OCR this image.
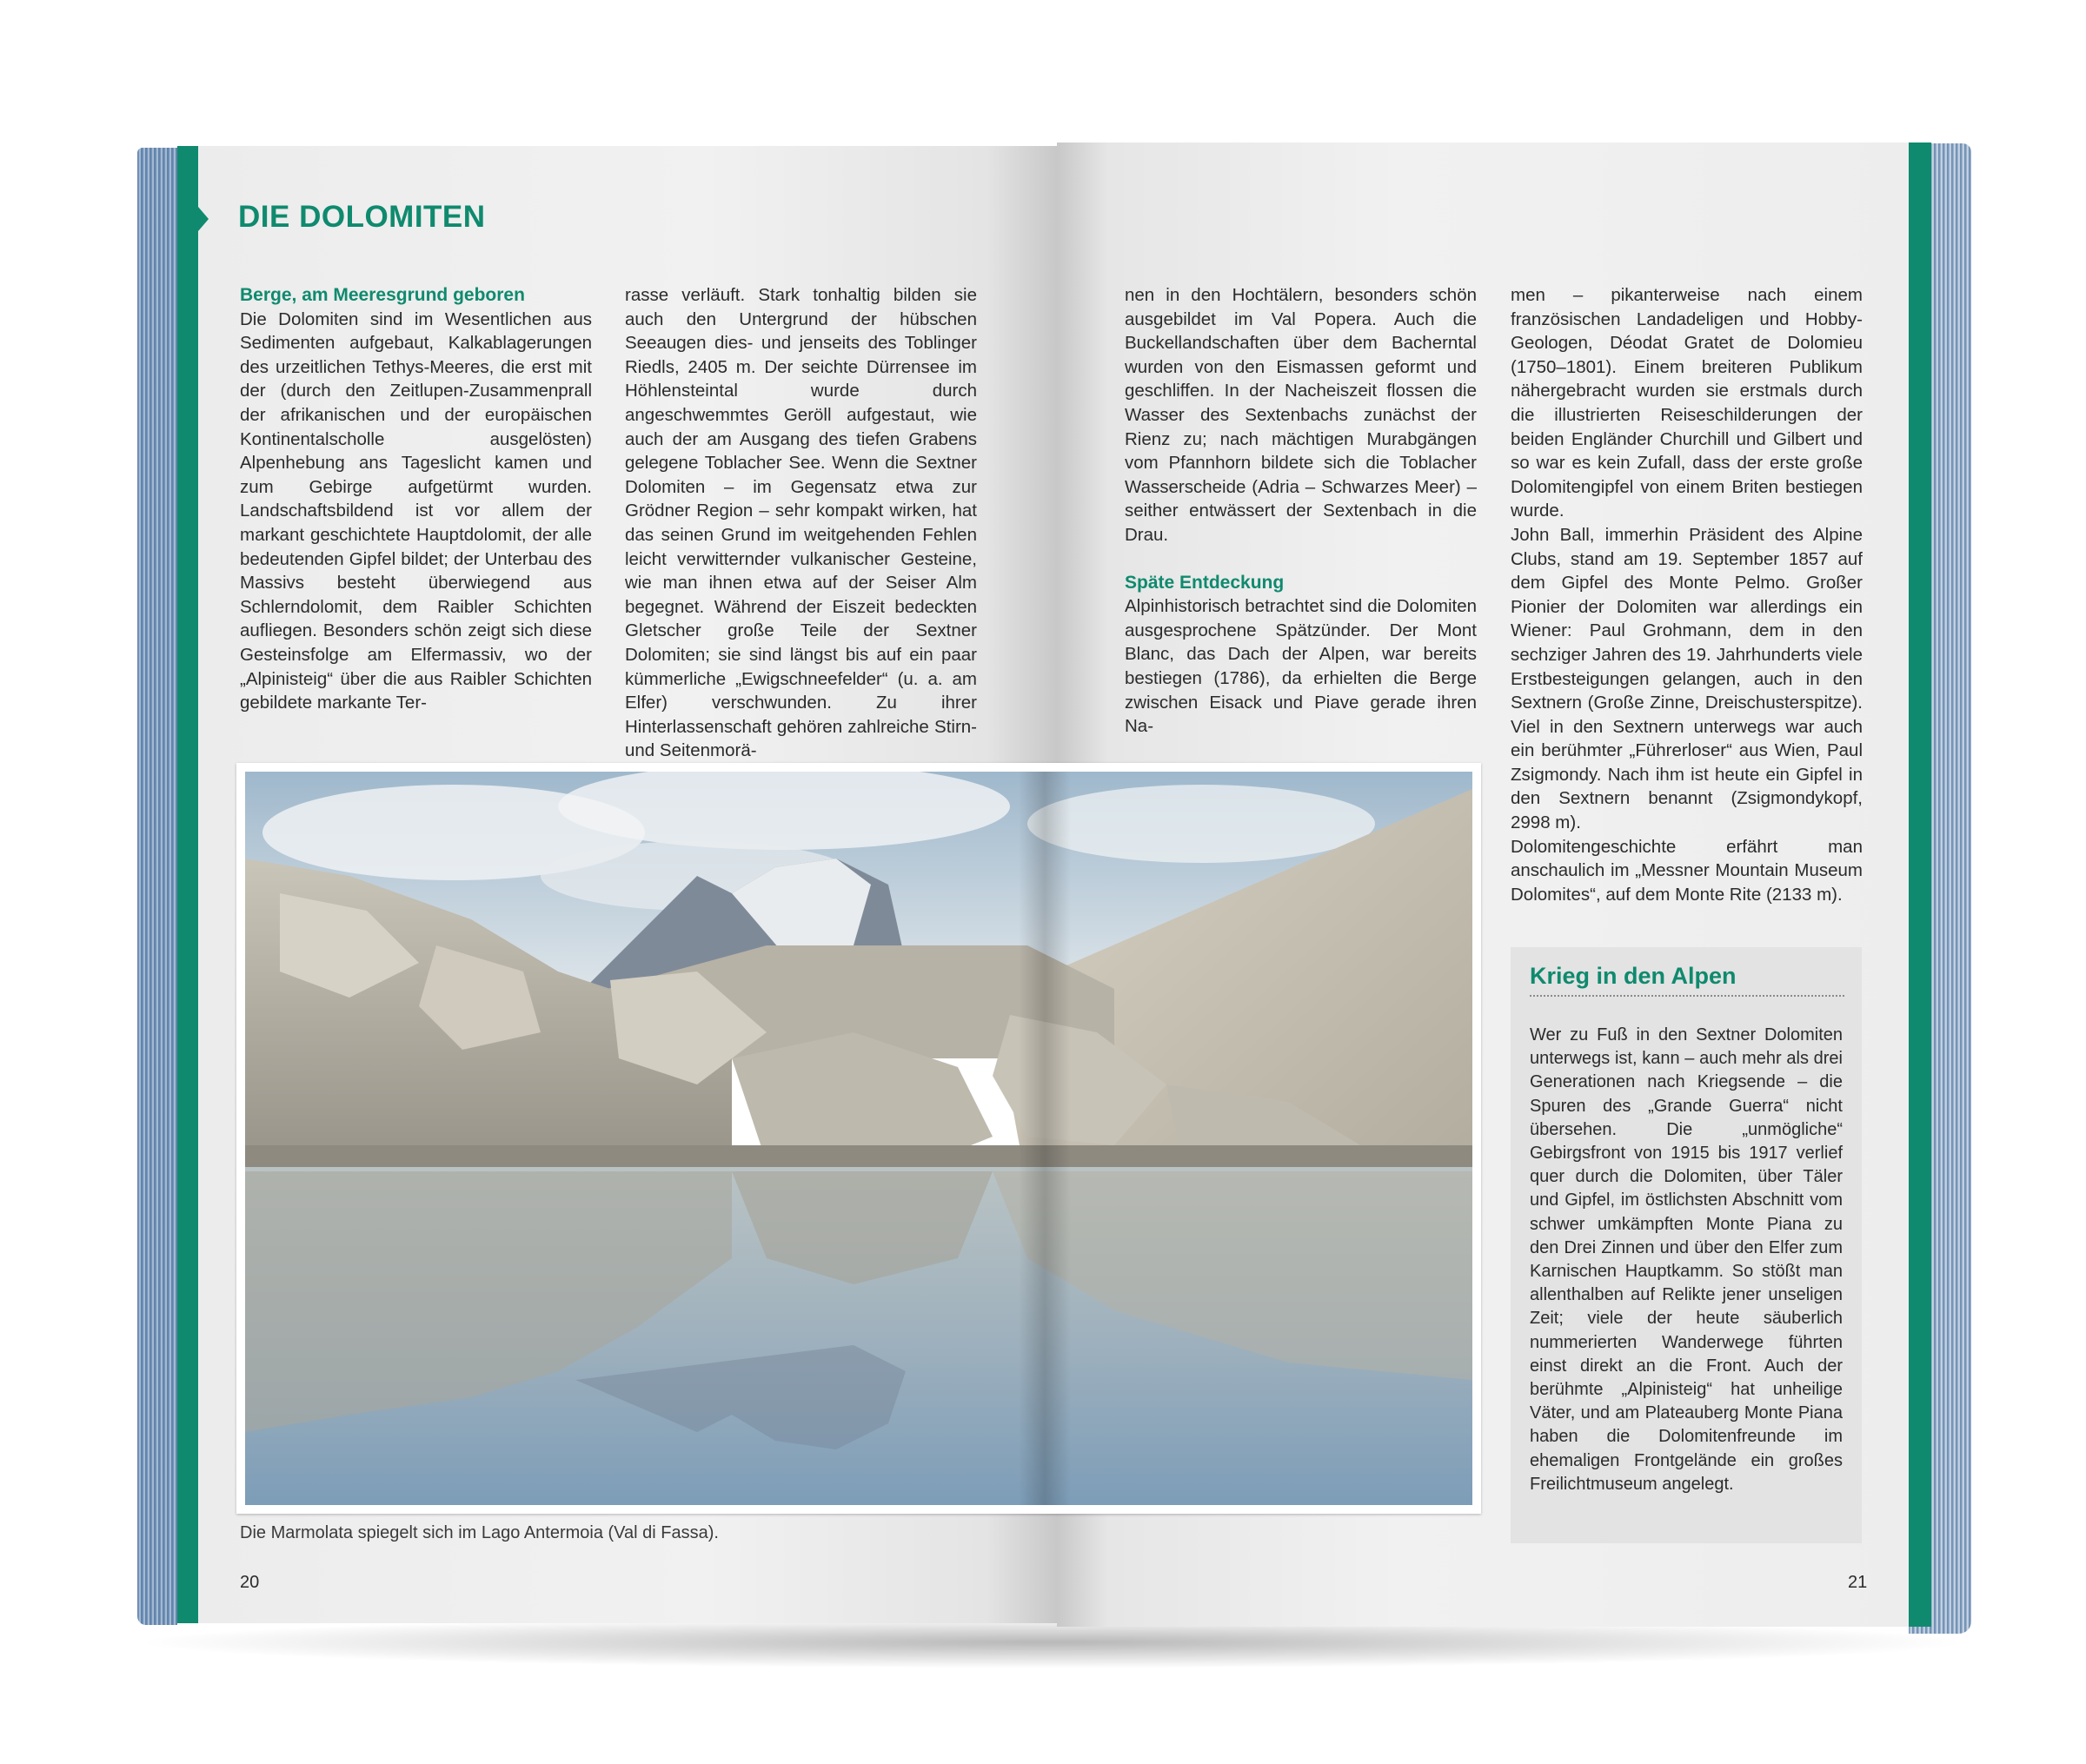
DIE DOLOMITEN

Berge, am Meeresgrund geboren

Die Dolomiten sind im Wesentlichen aus Sedimenten aufgebaut, Kalkablagerungen des urzeitlichen Tethys-Meeres, die erst mit der (durch den Zeitlupen-Zusammenprall der afrikanischen und der europäischen Kontinentalscholle ausgelösten) Alpenhebung ans Tageslicht kamen und zum Gebirge aufgetürmt wurden. Landschaftsbildend ist vor allem der markant geschichtete Hauptdolomit, der alle bedeutenden Gipfel bildet; der Unterbau des Massivs besteht überwiegend aus Schlerndolomit, dem Raibler Schichten aufliegen. Besonders schön zeigt sich diese Gesteinsfolge am Elfermassiv, wo der „Alpinisteig“ über die aus Raibler Schichten gebildete markante Ter-

rasse verläuft. Stark tonhaltig bilden sie auch den Untergrund der hübschen Seeaugen dies- und jenseits des Toblinger Riedls, 2405 m. Der seichte Dürrensee im Höhlensteintal wurde durch angeschwemmtes Geröll aufgestaut, wie auch der am Ausgang des tiefen Grabens gelegene Toblacher See. Wenn die Sextner Dolomiten – im Gegensatz etwa zur Grödner Region – sehr kompakt wirken, hat das seinen Grund im weitgehenden Fehlen leicht verwitternder vulkanischer Gesteine, wie man ihnen etwa auf der Seiser Alm begegnet. Während der Eiszeit bedeckten Gletscher große Teile der Sextner Dolomiten; sie sind längst bis auf ein paar kümmerliche „Ewigschneefelder“ (u. a. am Elfer) verschwunden. Zu ihrer Hinterlassenschaft gehören zahlreiche Stirn- und Seitenmorä-

nen in den Hochtälern, besonders schön ausgebildet im Val Popera. Auch die Buckellandschaften über dem Bacherntal wurden von den Eismassen geformt und geschliffen. In der Nacheiszeit flossen die Wasser des Sextenbachs zunächst der Rienz zu; nach mächtigen Murabgängen vom Pfannhorn bildete sich die Toblacher Wasserscheide (Adria – Schwarzes Meer) – seither entwässert der Sextenbach in die Drau.

Späte Entdeckung

Alpinhistorisch betrachtet sind die Dolomiten ausgesprochene Spätzünder. Der Mont Blanc, das Dach der Alpen, war bereits bestiegen (1786), da erhielten die Berge zwischen Eisack und Piave gerade ihren Na-

men – pikanterweise nach einem französischen Landadeligen und Hobby-Geologen, Déodat Gratet de Dolomieu (1750–1801). Einem breiteren Publikum nähergebracht wurden sie erstmals durch die illustrierten Reiseschilderungen der beiden Engländer Churchill und Gilbert und so war es kein Zufall, dass der erste große Dolomitengipfel von einem Briten bestiegen wurde.

John Ball, immerhin Präsident des Alpine Clubs, stand am 19. September 1857 auf dem Gipfel des Monte Pelmo. Großer Pionier der Dolomiten war allerdings ein Wiener: Paul Grohmann, dem in den sechziger Jahren des 19. Jahrhunderts viele Erstbesteigungen gelangen, auch in den Sextnern (Große Zinne, Dreischusterspitze). Viel in den Sextnern unterwegs war auch ein berühmter „Führerloser“ aus Wien, Paul Zsigmondy. Nach ihm ist heute ein Gipfel in den Sextnern benannt (Zsigmondykopf, 2998 m).

Dolomitengeschichte erfährt man anschaulich im „Messner Mountain Museum Dolomites“, auf dem Monte Rite (2133 m).

Die Marmolata spiegelt sich im Lago Antermoia (Val di Fassa).
Krieg in den Alpen

Wer zu Fuß in den Sextner Dolomiten unterwegs ist, kann – auch mehr als drei Generationen nach Kriegsende – die Spuren des „Grande Guerra“ nicht übersehen. Die „unmögliche“ Gebirgsfront von 1915 bis 1917 verlief quer durch die Dolomiten, über Täler und Gipfel, im östlichsten Abschnitt vom schwer umkämpften Monte Piana zu den Drei Zinnen und über den Elfer zum Karnischen Hauptkamm. So stößt man allenthalben auf Relikte jener unseligen Zeit; viele der heute säuberlich nummerierten Wanderwege führten einst direkt an die Front. Auch der berühmte „Alpinisteig“ hat unheilige Väter, und am Plateauberg Monte Piana haben die Dolomitenfreunde im ehemaligen Frontgelände ein großes Freilichtmuseum angelegt.

20	21
